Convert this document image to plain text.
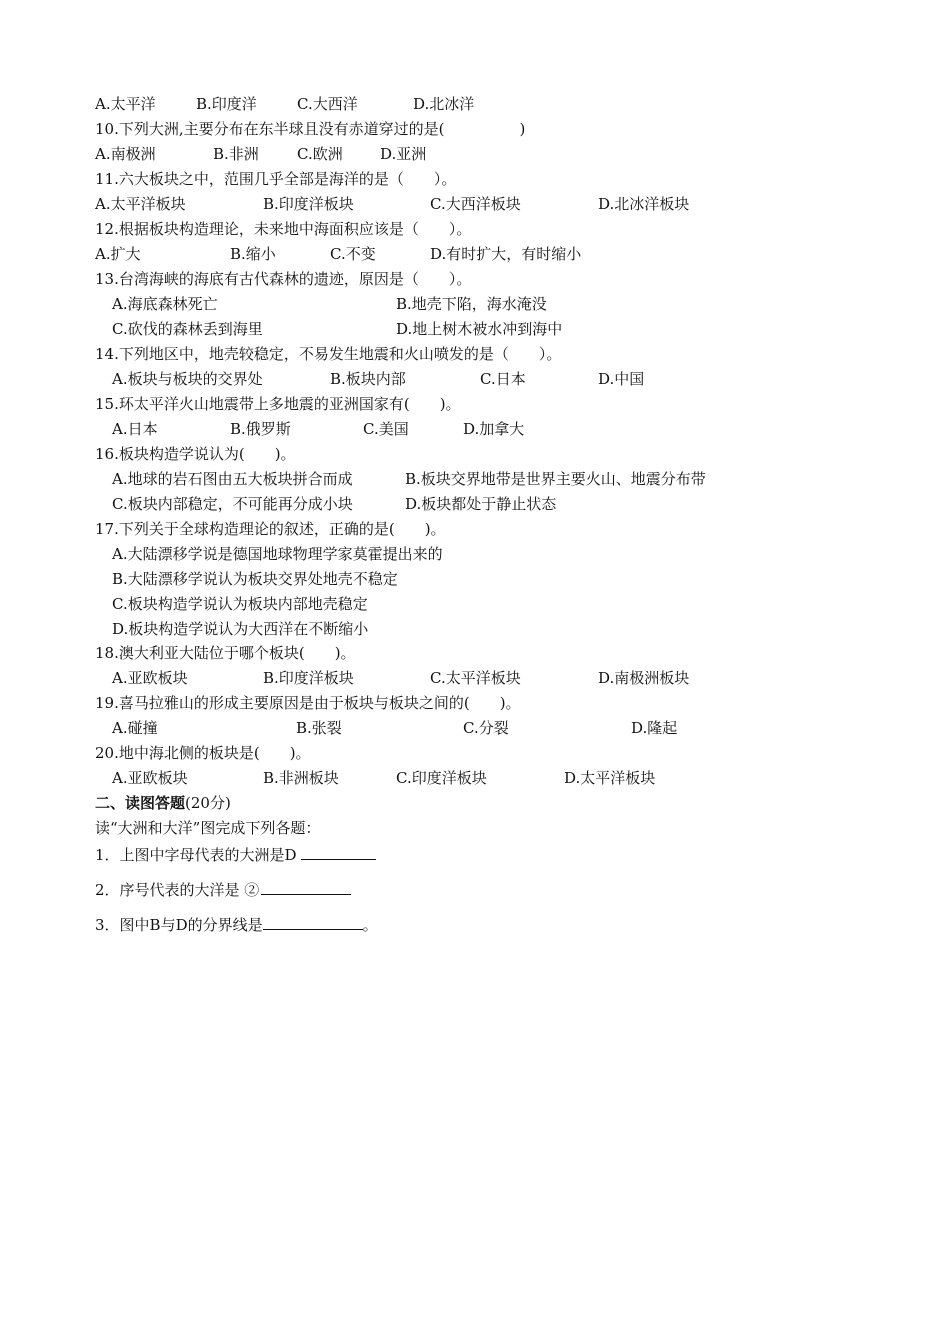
A.太平洋	B.印度洋	C.大西洋	D.北冰洋
10.下列大洲,主要分布在东半球且没有赤道穿过的是(　　　　　)
A.南极洲	B.非洲	C.欧洲 D.亚洲
11.六大板块之中，范围几乎全部是海洋的是（　　）。
A.太平洋板块	B.印度洋板块	C.大西洋板块	D.北冰洋板块
12.根据板块构造理论，未来地中海面积应该是（　　）。
A.扩大	B.缩小	C.不变	D.有时扩大，有时缩小
13.台湾海峡的海底有古代森林的遗迹，原因是（　　）。
A.海底森林死亡	B.地壳下陷，海水淹没
C.砍伐的森林丢到海里	D.地上树木被水冲到海中
14.下列地区中，地壳较稳定，不易发生地震和火山喷发的是（　　）。
A.板块与板块的交界处	B.板块内部	C.日本	D.中国
15.环太平洋火山地震带上多地震的亚洲国家有(　　)。
A.日本	B.俄罗斯	C.美国	D.加拿大
16.板块构造学说认为(　　)。
A.地球的岩石图由五大板块拼合而成	B.板块交界地带是世界主要火山、地震分布带
C.板块内部稳定，不可能再分成小块	D.板块都处于静止状态
17.下列关于全球构造理论的叙述，正确的是(　　)。
A.大陆漂移学说是德国地球物理学家莫霍提出来的
B.大陆漂移学说认为板块交界处地壳不稳定
C.板块构造学说认为板块内部地壳稳定
D.板块构造学说认为大西洋在不断缩小
18.澳大利亚大陆位于哪个板块(　　)。
A.亚欧板块	B.印度洋板块	C.太平洋板块	D.南极洲板块
19.喜马拉雅山的形成主要原因是由于板块与板块之间的(　　)。
A.碰撞	B.张裂	C.分裂	D.隆起
20.地中海北侧的板块是(　　)。
A.亚欧板块	B.非洲板块	C.印度洋板块	D.太平洋板块
二、读图答题(20分)
读“大洲和大洋”图完成下列各题：
1．上图中字母代表的大洲是D
2．序号代表的大洋是 ②
3．图中B与D的分界线是	。
